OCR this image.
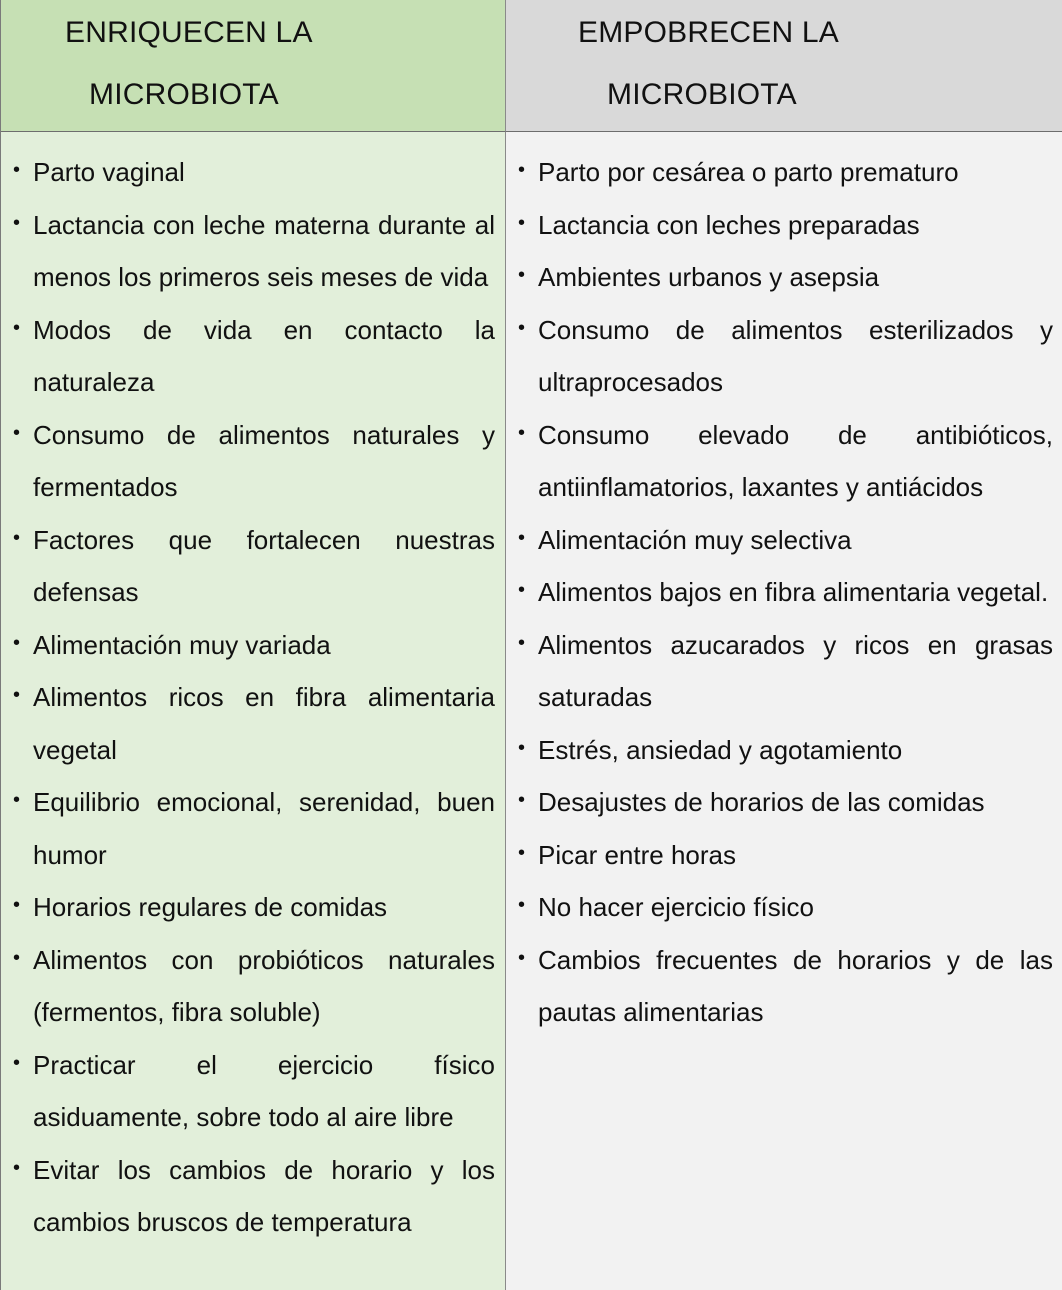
ENRIQUECEN LA
MICROBIOTA
EMPOBRECEN LA
MICROBIOTA
• Parto vaginal
• Lactancia con leche materna durante al menos los primeros seis meses de vida
• Modos de vida en contacto la naturaleza
• Consumo de alimentos naturales y fermentados
• Factores que fortalecen nuestras defensas
• Alimentación muy variada
• Alimentos ricos en fibra alimentaria vegetal
• Equilibrio emocional, serenidad, buen humor
• Horarios regulares de comidas
• Alimentos con probióticos naturales (fermentos, fibra soluble)
• Practicar el ejercicio físico asiduamente, sobre todo al aire libre
• Evitar los cambios de horario y los cambios bruscos de temperatura
• Parto por cesárea o parto prematuro
• Lactancia con leches preparadas
• Ambientes urbanos y asepsia
• Consumo de alimentos esterilizados y ultraprocesados
• Consumo elevado de antibióticos, antiinflamatorios, laxantes y antiácidos
• Alimentación muy selectiva
• Alimentos bajos en fibra alimentaria vegetal.
• Alimentos azucarados y ricos en grasas saturadas
• Estrés, ansiedad y agotamiento
• Desajustes de horarios de las comidas
• Picar entre horas
• No hacer ejercicio físico
• Cambios frecuentes de horarios y de las pautas alimentarias
